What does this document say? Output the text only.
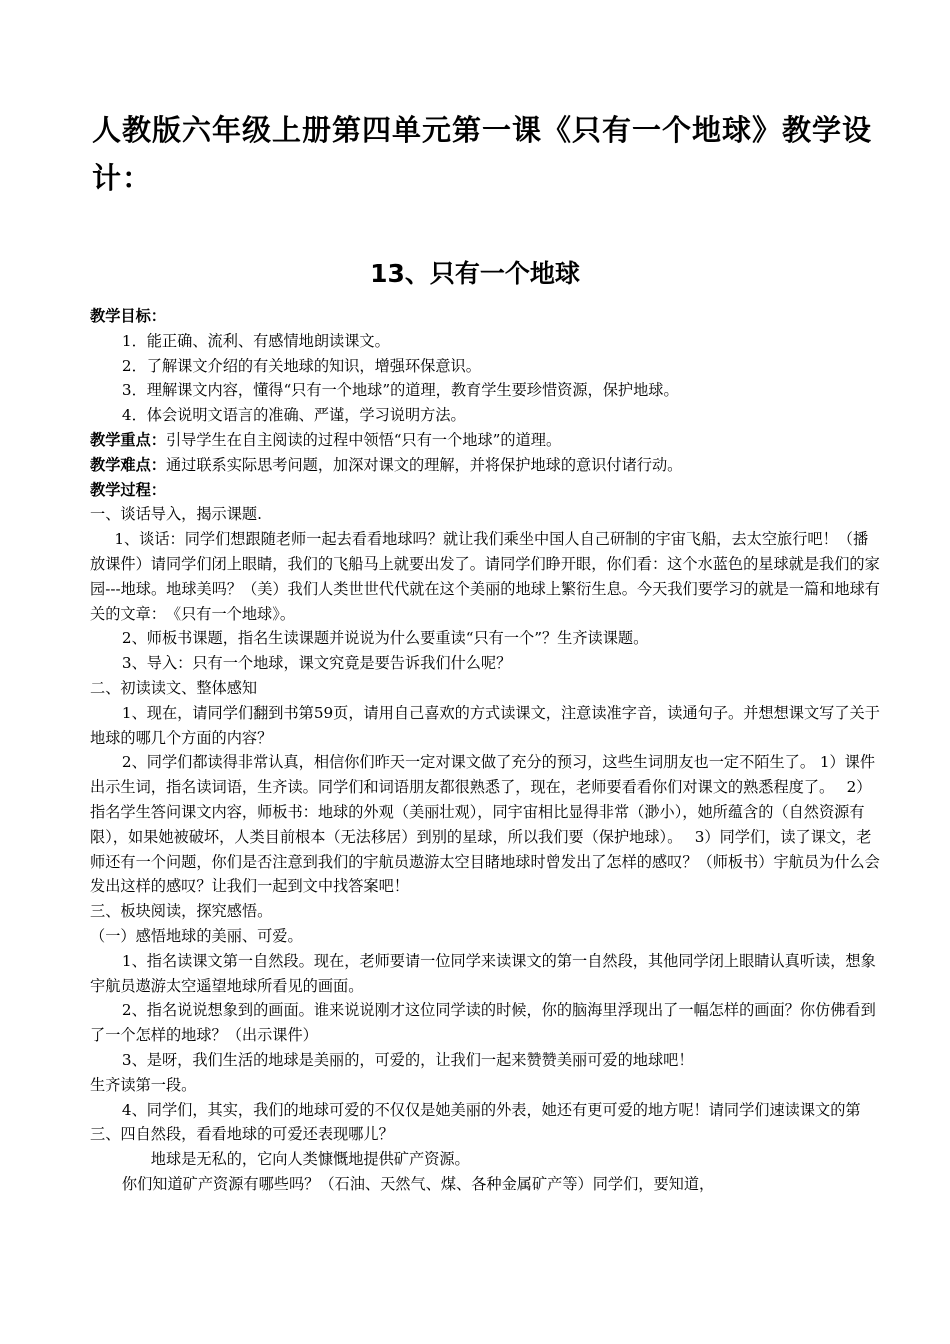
人教版六年级上册第四单元第一课《只有一个地球》教学设计：
13、只有一个地球

教学目标：

1．能正确、流利、有感情地朗读课文。

2．了解课文介绍的有关地球的知识，增强环保意识。

3．理解课文内容，懂得“只有一个地球”的道理，教育学生要珍惜资源，保护地球。

4．体会说明文语言的准确、严谨，学习说明方法。

教学重点：引导学生在自主阅读的过程中领悟“只有一个地球”的道理。

教学难点：通过联系实际思考问题，加深对课文的理解，并将保护地球的意识付诸行动。

教学过程：

一、谈话导入，揭示课题.

1、谈话：同学们想跟随老师一起去看看地球吗？就让我们乘坐中国人自己研制的宇宙飞船，去太空旅行吧！（播放课件）请同学们闭上眼睛，我们的飞船马上就要出发了。请同学们睁开眼，你们看：这个水蓝色的星球就是我们的家园---地球。地球美吗？（美）我们人类世世代代就在这个美丽的地球上繁衍生息。今天我们要学习的就是一篇和地球有关的文章：　《只有一个地球》。

2、师板书课题，指名生读课题并说说为什么要重读“只有一个”？生齐读课题。

3、导入：只有一个地球，课文究竟是要告诉我们什么呢？

二、初读读文、整体感知

1、现在，请同学们翻到书第59页，请用自己喜欢的方式读课文，注意读准字音，读通句子。并想想课文写了关于地球的哪几个方面的内容？

2、同学们都读得非常认真，相信你们昨天一定对课文做了充分的预习，这些生词朋友也一定不陌生了。 1）课件出示生词，指名读词语，生齐读。同学们和词语朋友都很熟悉了，现在，老师要看看你们对课文的熟悉程度了。　 2）指名学生答问课文内容，师板书：地球的外观（美丽壮观），同宇宙相比显得非常（渺小），她所蕴含的（自然资源有限），如果她被破坏，人类目前根本（无法移居）到别的星球，所以我们要（保护地球）。　 3）同学们，读了课文，老师还有一个问题，你们是否注意到我们的宇航员遨游太空目睹地球时曾发出了怎样的感叹？（师板书）宇航员为什么会发出这样的感叹？让我们一起到文中找答案吧！

三、板块阅读，探究感悟。

（一）感悟地球的美丽、可爱。

1、指名读课文第一自然段。现在，老师要请一位同学来读课文的第一自然段，其他同学闭上眼睛认真听读，想象宇航员遨游太空遥望地球所看见的画面。

2、指名说说想象到的画面。谁来说说刚才这位同学读的时候，你的脑海里浮现出了一幅怎样的画面？你仿佛看到了一个怎样的地球？（出示课件）

3、是呀，我们生活的地球是美丽的，可爱的，让我们一起来赞赞美丽可爱的地球吧！

生齐读第一段。

4、同学们，其实，我们的地球可爱的不仅仅是她美丽的外表，她还有更可爱的地方呢！请同学们速读课文的第三、四自然段，看看地球的可爱还表现哪儿？

地球是无私的，它向人类慷慨地提供矿产资源。

你们知道矿产资源有哪些吗？（石油、天然气、煤、各种金属矿产等）同学们，要知道，
